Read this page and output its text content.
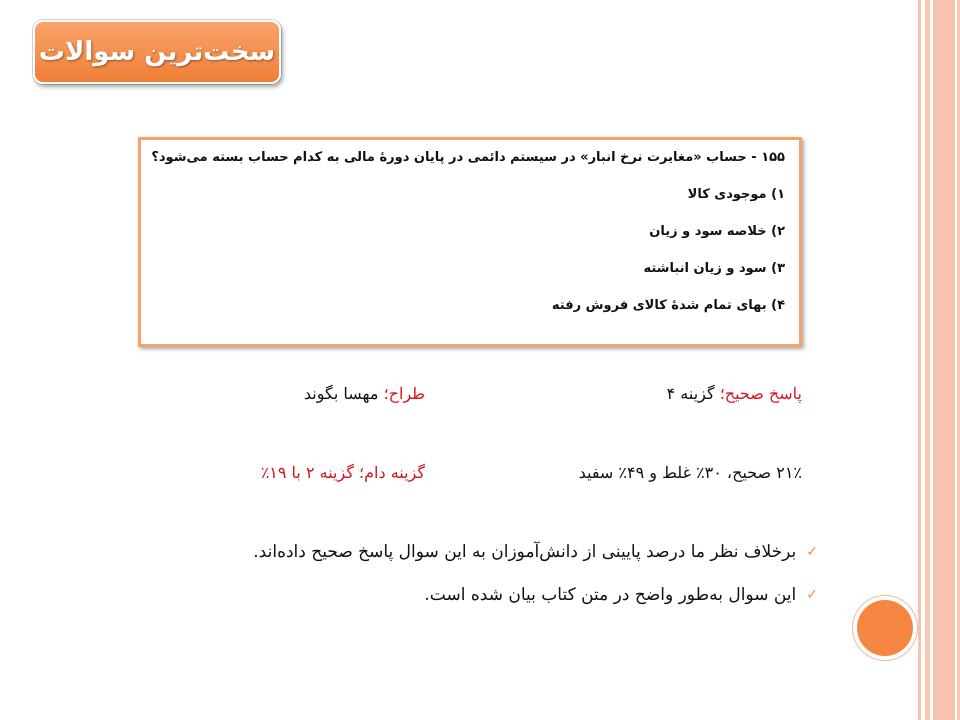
سخت‌ترین سوالات
۱۵۵ - حساب «مغایرت نرخ انبار» در سیستم دائمی در پایان دورهٔ مالی به کدام حساب بسته می‌شود؟
۱) موجودی کالا
۲) خلاصه سود و زیان
۳) سود و زیان انباشته
۴) بهای تمام شدهٔ کالای فروش رفته
پاسخ صحیح؛ گزینه ۴
طراح؛ مهسا بگوند
۲۱٪ صحیح، ۳۰٪ غلط و ۴۹٪ سفید
گزینه دام؛ گزینه ۲ با ۱۹٪
✓
برخلاف نظر ما درصد پایینی از دانش‌آموزان به این سوال پاسخ صحیح داده‌اند.
✓
این سوال به‌طور واضح در متن کتاب بیان شده است.
